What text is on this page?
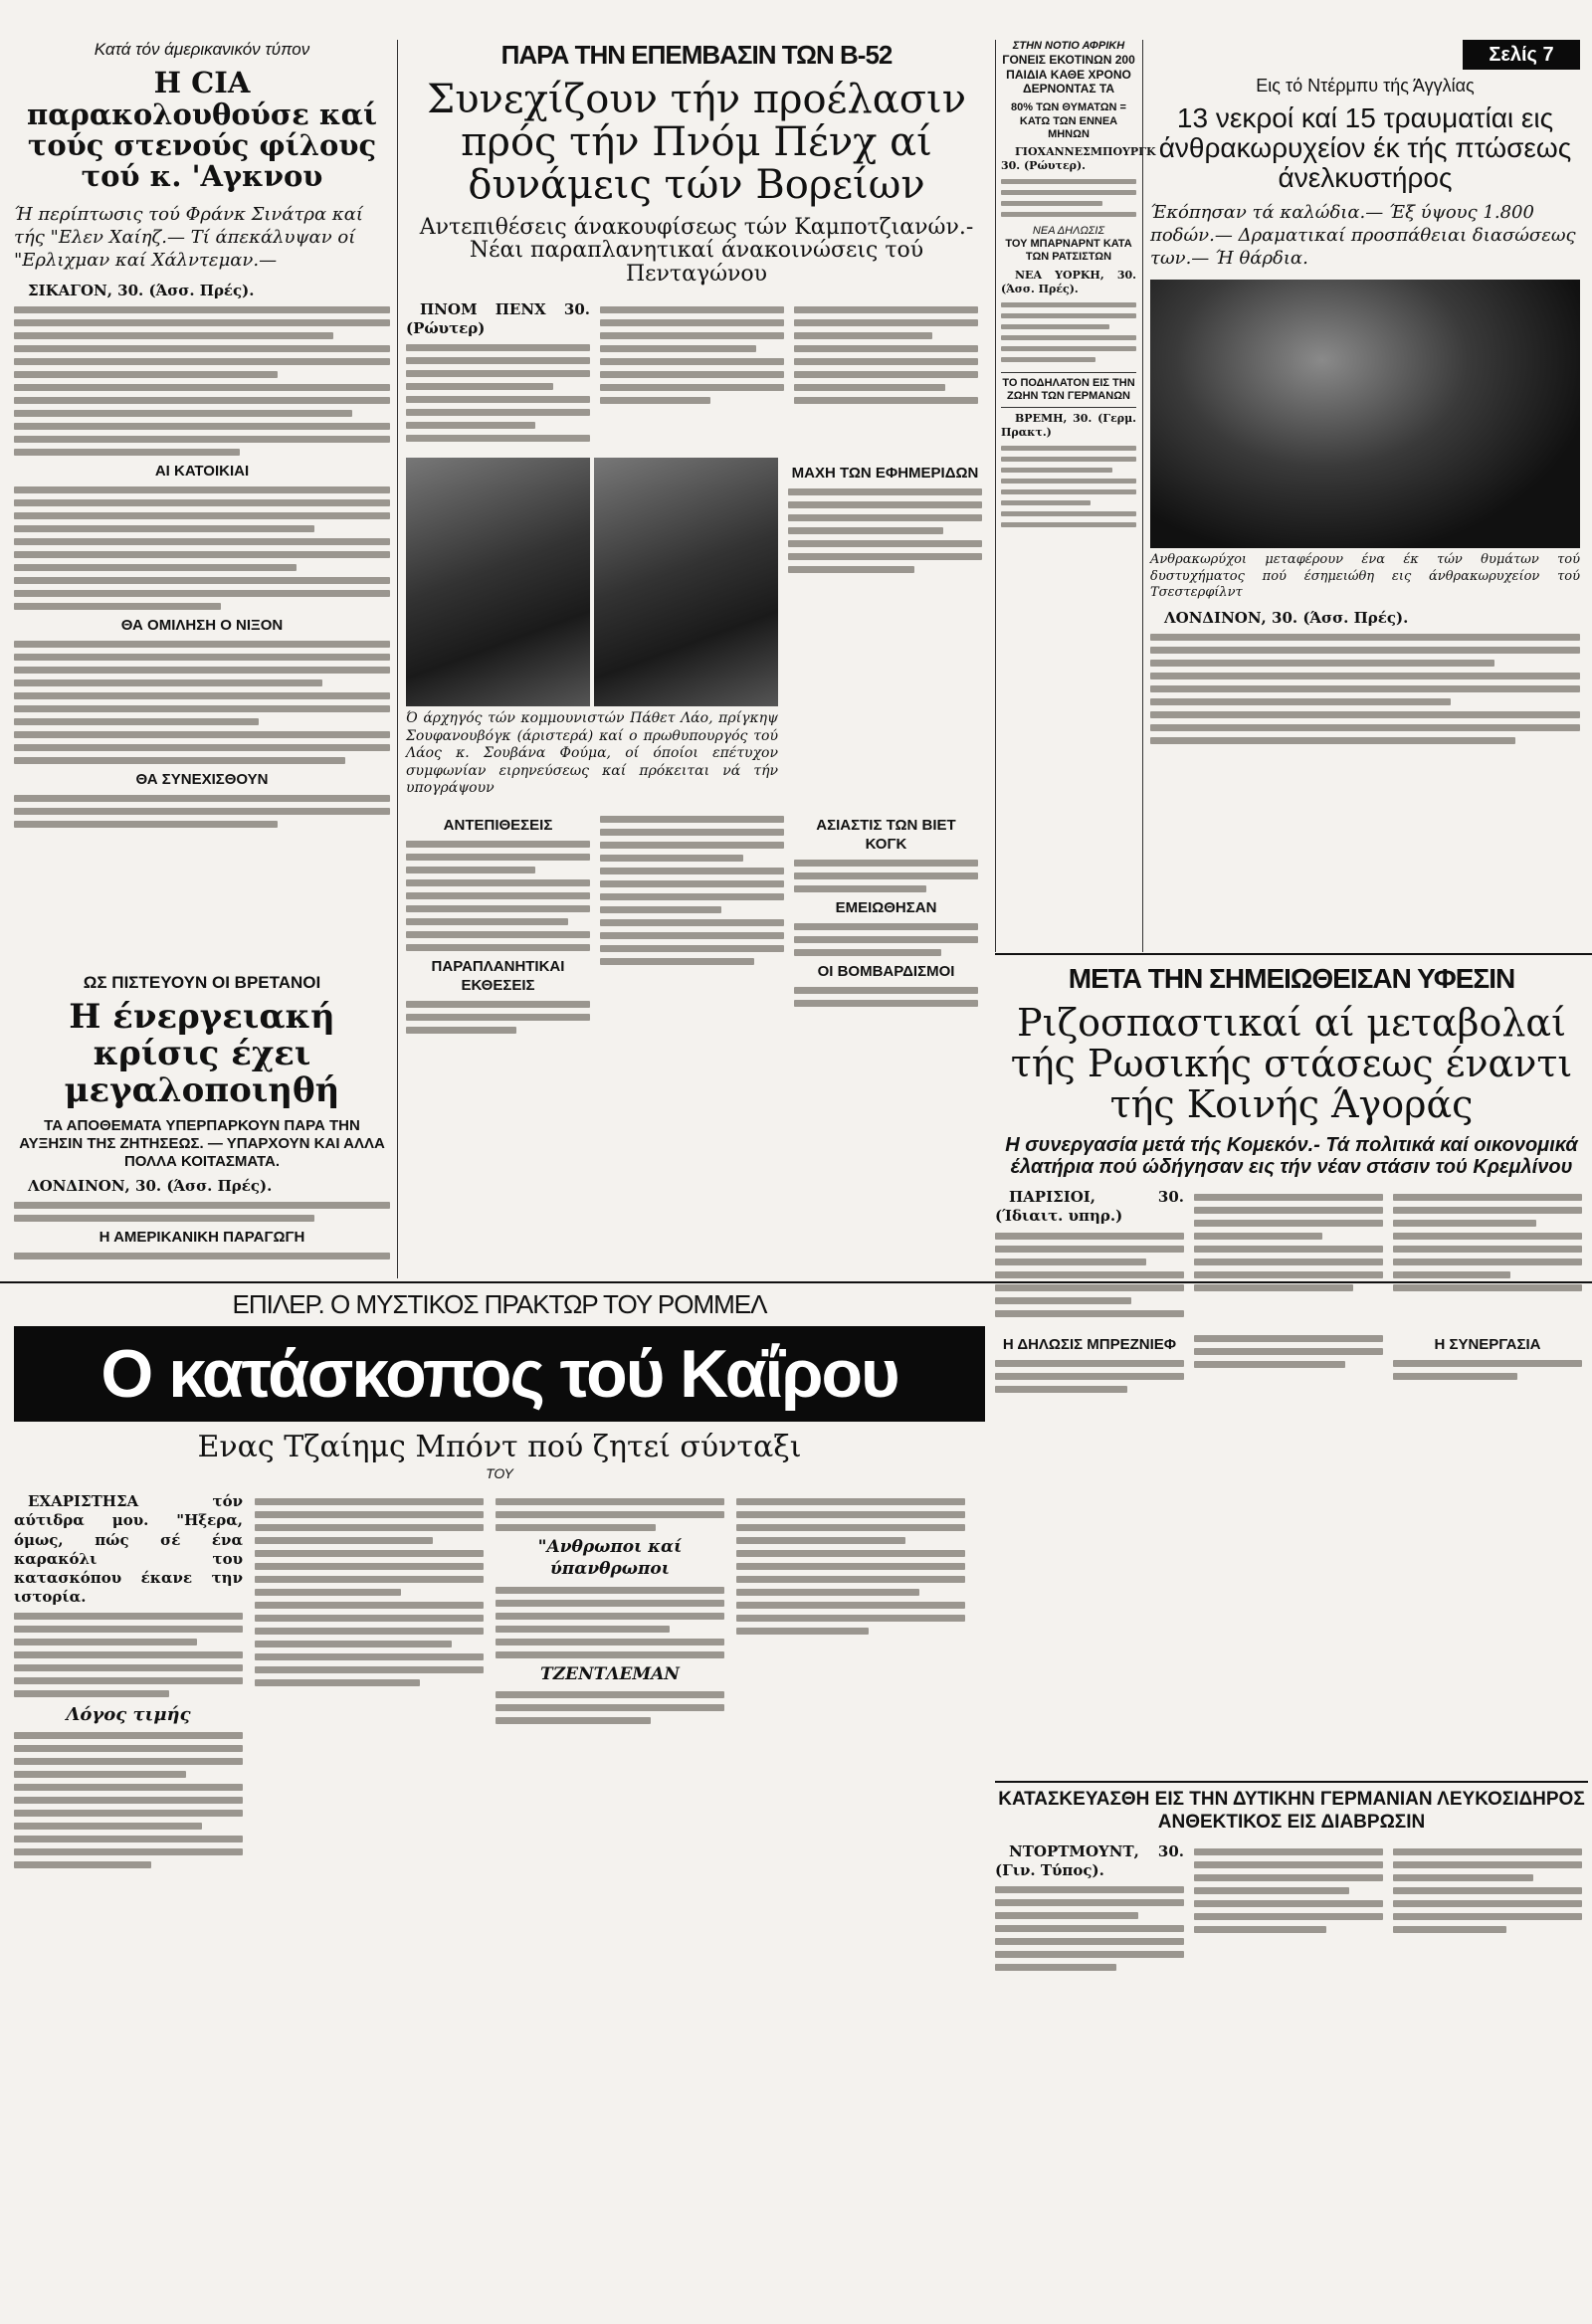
Κατά τόν άμερικανικόν τύπον
Η CIA παρακολουθούσε καί τούς στενούς φίλους τού κ. 'Αγκνου
Ή περίπτωσις τού Φράνκ Σινάτρα καί τής "Ελεν Χαίηζ.— Τί άπεκάλυψαν οί "Ερλιχμαν καί Χάλντεμαν.—

ΣΙΚΑΓΟΝ, 30. (Άσσ. Πρές).

ΑΙ ΚΑΤΟΙΚΙΑΙ
ΘΑ ΟΜΙΛΗΣΗ Ο ΝΙΞΟΝ
ΘΑ ΣΥΝΕΧΙΣΘΟΥΝ
ΩΣ ΠΙΣΤΕΥΟΥΝ ΟΙ ΒΡΕΤΑΝΟΙ
Η ένεργειακή κρίσις έχει μεγαλοποιηθή
ΤΑ ΑΠΟΘΕΜΑΤΑ ΥΠΕΡΠΑΡΚΟΥΝ ΠΑΡΑ ΤΗΝ ΑΥΞΗΣΙΝ ΤΗΣ ΖΗΤΗΣΕΩΣ. — ΥΠΑΡΧΟΥΝ ΚΑΙ ΑΛΛΑ ΠΟΛΛΑ ΚΟΙΤΑΣΜΑΤΑ.

ΛΟΝΔΙΝΟΝ, 30. (Άσσ. Πρές).

Η ΑΜΕΡΙΚΑΝΙΚΗ ΠΑΡΑΓΩΓΗ
ΠΑΡΑ ΤΗΝ ΕΠΕΜΒΑΣΙΝ ΤΩΝ Β-52
Συνεχίζουν τήν προέλασιν πρός τήν Πνόμ Πένχ αί δυνάμεις τών Βορείων
Αντεπιθέσεις άνακουφίσεως τών Καμποτζιανών.- Νέαι παραπλανητικαί άνακοινώσεις τού Πενταγώνου

ΠΝΟΜ ΠΕΝΧ 30. (Ρώυτερ)

ΜΑΧΗ ΤΩΝ ΕΦΗΜΕΡΙΔΩΝ
Ό άρχηγός τών κομμουνιστών Πάθετ Λάο, πρίγκηψ Σουφανουβόγκ (άριστερά) καί ο πρωθυπουργός τού Λάος κ. Σουβάνα Φούμα, οί όποίοι επέτυχον συμφωνίαν ειρηνεύσεως καί πρόκειται νά τήν υπογράψουν
ΑΝΤΕΠΙΘΕΣΕΙΣ
ΠΑΡΑΠΛΑΝΗΤΙΚΑΙ ΕΚΘΕΣΕΙΣ
ΑΣΙΑΣΤΙΣ ΤΩΝ ΒΙΕΤ ΚΟΓΚ
ΕΜΕΙΩΘΗΣΑΝ
ΟΙ ΒΟΜΒΑΡΔΙΣΜΟΙ
ΣΤΗΝ ΝΟΤΙΟ ΑΦΡΙΚΗ
ΓΟΝΕΙΣ ΕΚΟΤΙΝΩΝ 200 ΠΑΙΔΙΑ ΚΑΘΕ ΧΡΟΝΟ ΔΕΡΝΟΝΤΑΣ ΤΑ
80% ΤΩΝ ΘΥΜΑΤΩΝ = ΚΑΤΩ ΤΩΝ ΕΝΝΕΑ ΜΗΝΩΝ

ΓΙΟΧΑΝΝΕΣΜΠΟΥΡΓΚ 30. (Ρώυτερ).

ΝΕΑ ΔΗΛΩΣΙΣ
ΤΟΥ ΜΠΑΡΝΑΡΝΤ ΚΑΤΑ ΤΩΝ ΡΑΤΣΙΣΤΩΝ

ΝΕΑ ΥΟΡΚΗ, 30. (Άσσ. Πρές).

ΤΟ ΠΟΔΗΛΑΤΟΝ ΕΙΣ ΤΗΝ ΖΩΗΝ ΤΩΝ ΓΕΡΜΑΝΩΝ

ΒΡΕΜΗ, 30. (Γερμ. Πρακτ.)

Σελίς 7
Εις τό Ντέρμπυ τής Άγγλίας
13 νεκροί καί 15 τραυματίαι εις άνθρακωρυχείον έκ τής πτώσεως άνελκυστήρος
Έκόπησαν τά καλώδια.— Έξ ύψους 1.800 ποδών.— Δραματικαί προσπάθειαι διασώσεως των.— Ή θάρδια.
Ανθρακωρύχοι μεταφέρουν ένα έκ τών θυμάτων τού δυστυχήματος πού έσημειώθη εις άνθρακωρυχείον τού Τσεστερφίλντ

ΛΟΝΔΙΝΟΝ, 30. (Άσσ. Πρές).

ΜΕΤΑ ΤΗΝ ΣΗΜΕΙΩΘΕΙΣΑΝ ΥΦΕΣΙΝ
Ριζοσπαστικαί αί μεταβολαί τής Ρωσικής στάσεως έναντι τής Κοινής Άγοράς
Η συνεργασία μετά τής Κομεκόν.- Τά πολιτικά καί οικονομικά έλατήρια πού ώδήγησαν εις τήν νέαν στάσιν τού Κρεμλίνου

ΠΑΡΙΣΙΟΙ, 30. (Ίδιαιτ. υπηρ.)

Η ΔΗΛΩΣΙΣ ΜΠΡΕΖΝΙΕΦ	Η ΣΥΝΕΡΓΑΣΙΑ
ΕΠΙΛΕΡ. Ο ΜΥΣΤΙΚΟΣ ΠΡΑΚΤΩΡ ΤΟΥ ΡΟΜΜΕΛ
Ο κατάσκοπος τού Καΐρου
Ενας Τζαίημς Μπόντ πού ζητεί σύνταξι
ΤΟΥ

ΕΧΑΡΙΣΤΗΣΑ τόν αύτιδρα μου. "Ηξερα, όμως, πώς σέ ένα καρακόλι του κατασκόπου έκανε την ιστορία.

Λόγος τιμής
"Ανθρωποι καί ύπανθρωποι
ΤΖΕΝΤΛΕΜΑΝ
ΚΑΤΑΣΚΕΥΑΣΘΗ ΕΙΣ ΤΗΝ ΔΥΤΙΚΗΝ ΓΕΡΜΑΝΙΑΝ ΛΕΥΚΟΣΙΔΗΡΟΣ ΑΝΘΕΚΤΙΚΟΣ ΕΙΣ ΔΙΑΒΡΩΣΙΝ

ΝΤΟΡΤΜΟΥΝΤ, 30. (Γιν. Τύπος).
